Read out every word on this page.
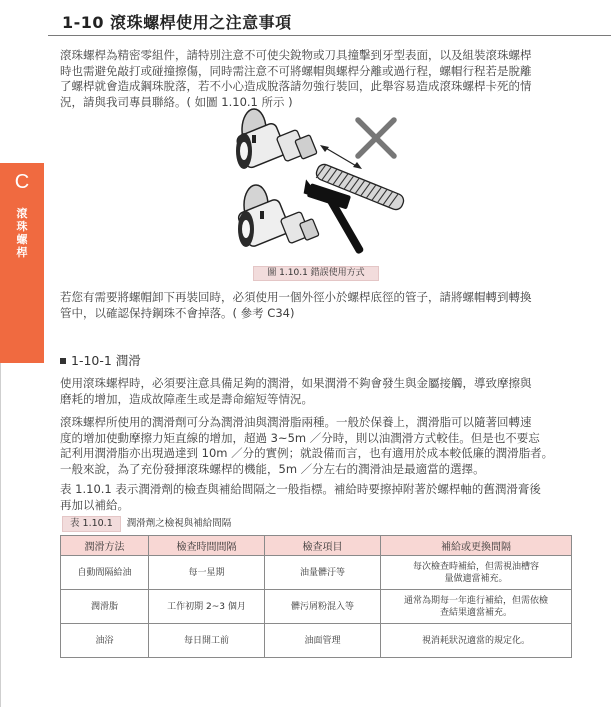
1-10 滾珠螺桿使用之注意事項
C
滾珠螺桿
滾珠螺桿為精密零組件，請特別注意不可使尖銳物或刀具撞擊到牙型表面，以及組裝滾珠螺桿
時也需避免敲打或碰撞擦傷，同時需注意不可將螺帽與螺桿分離或過行程，螺帽行程若是脫離
了螺桿就會造成鋼珠脫落，若不小心造成脫落請勿強行裝回，此舉容易造成滾珠螺桿卡死的情
況，請與我司專員聯絡。( 如圖 1.10.1 所示 )
圖 1.10.1 錯誤使用方式
若您有需要將螺帽卸下再裝回時，必須使用一個外徑小於螺桿底徑的管子，請將螺帽轉到轉換
管中，以確認保持鋼珠不會掉落。( 參考 C34)
1-10-1 潤滑
使用滾珠螺桿時，必須要注意具備足夠的潤滑，如果潤滑不夠會發生與金屬接觸，導致摩擦與
磨耗的增加，造成故障產生或是壽命縮短等情況。
滾珠螺桿所使用的潤滑劑可分為潤滑油與潤滑脂兩種。一般於保養上，潤滑脂可以隨著回轉速
度的增加使動摩擦力矩直線的增加，超過 3~5m ／分時，則以油潤滑方式較佳。但是也不要忘
記利用潤滑脂亦出現過達到 10m ／分的實例；就設備而言，也有適用於成本較低廉的潤滑脂者。
一般來說，為了充份發揮滾珠螺桿的機能，5m ／分左右的潤滑油是最適當的選擇。
表 1.10.1 表示潤滑劑的檢查與補給間隔之一般指標。補給時要擦掉附著於螺桿軸的舊潤滑膏後
再加以補給。
表 1.10.1 潤滑劑之檢視與補給間隔
潤滑方法	檢查時間間隔	檢查項目	補給或更換間隔
自動間隔給油	每一星期	油量髒汙等	每次檢查時補給，但需視油槽容量做適當補充。
潤滑脂	工作初期 2~3 個月	髒污屑粉混入等	通常為期每一年進行補給，但需依檢查結果適當補充。
油浴	每日開工前	油面管理	視消耗狀況適當的規定化。
